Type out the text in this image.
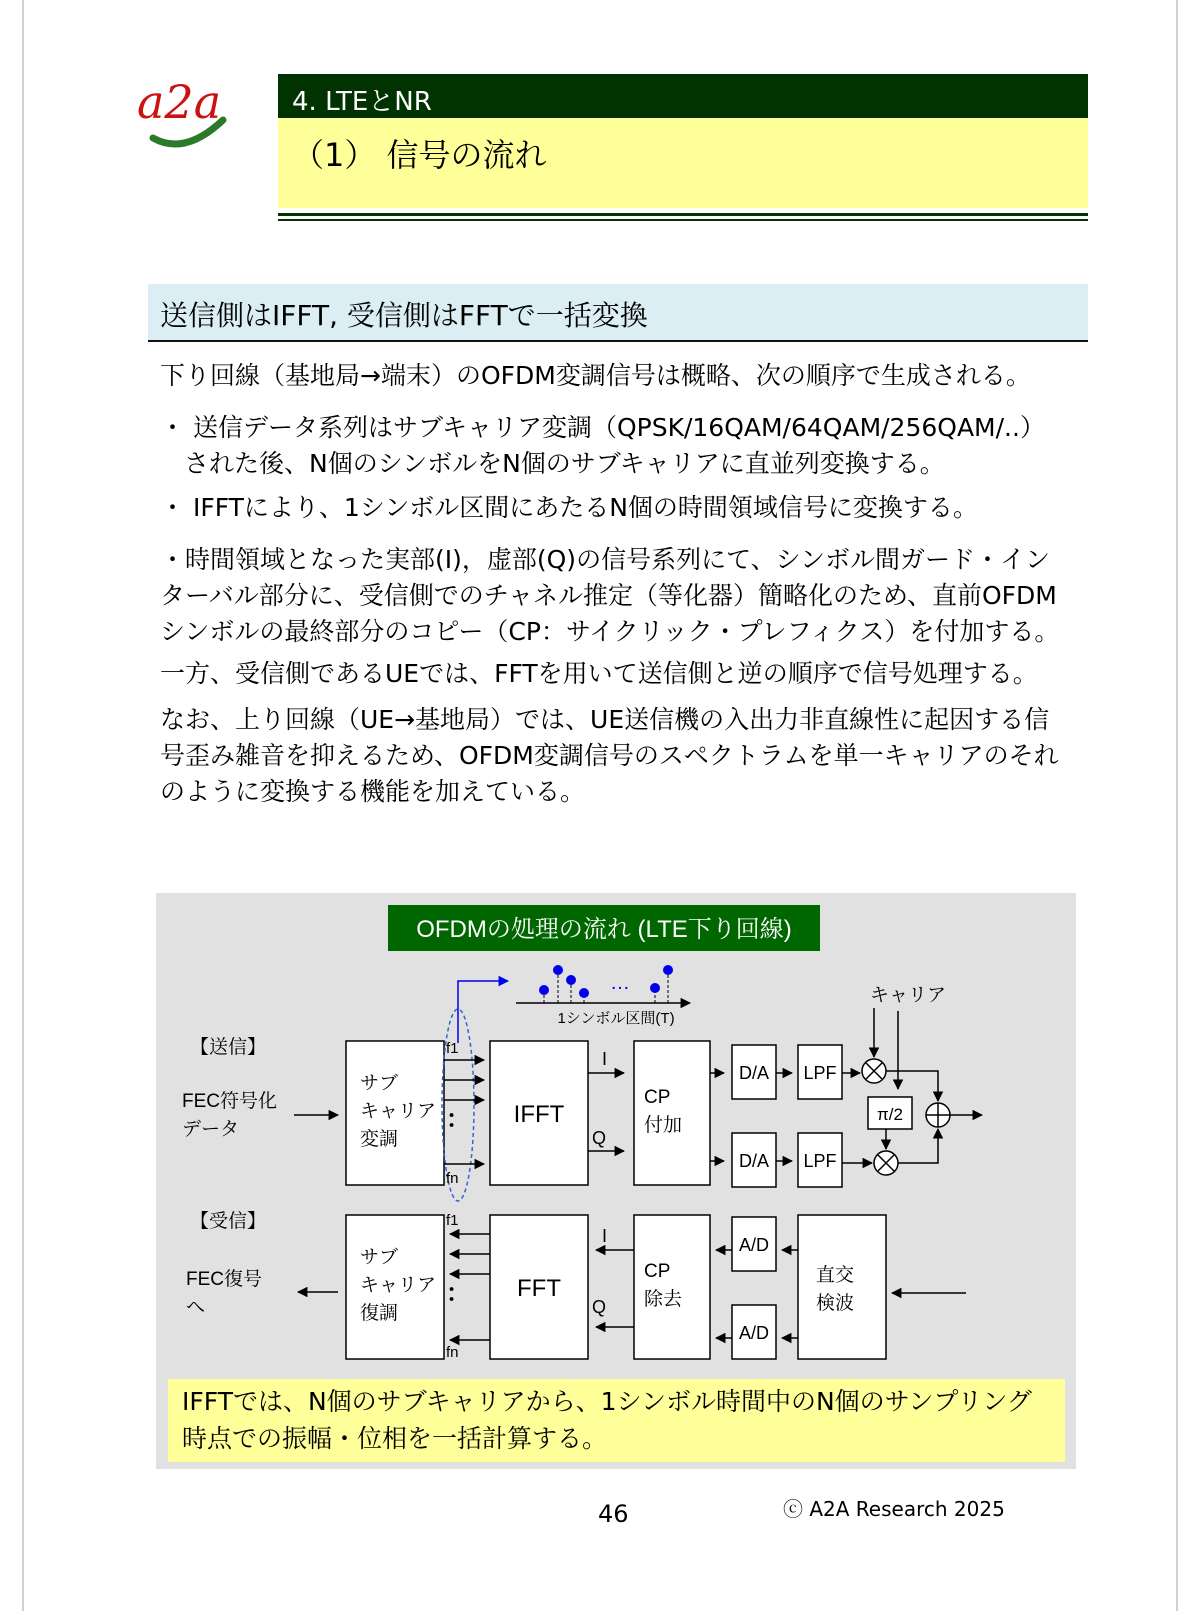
a2a	4. LTEとNR
（1） 信号の流れ
送信側はIFFT, 受信側はFFTで一括変換

下り回線（基地局→端末）のOFDM変調信号は概略、次の順序で生成される。

・ 送信データ系列はサブキャリア変調（QPSK/16QAM/64QAM/256QAM/..）

された後、N個のシンボルをN個のサブキャリアに直並列変換する。

・ IFFTにより、1シンボル区間にあたるN個の時間領域信号に変換する。

・時間領域となった実部(I)，虚部(Q)の信号系列にて、シンボル間ガード・イン
ターバル部分に、受信側でのチャネル推定（等化器）簡略化のため、直前OFDM
シンボルの最終部分のコピー（CP：サイクリック・プレフィクス）を付加する。

一方、受信側であるUEでは、FFTを用いて送信側と逆の順序で信号処理する。

なお、上り回線（UE→基地局）では、UE送信機の入出力非直線性に起因する信
号歪み雑音を抑えるため、OFDM変調信号のスペクトラムを単一キャリアのそれ
のように変換する機能を加えている。

OFDMの処理の流れ (LTE下り回線)
…
1シンボル区間(T)
【送信】
FEC符号化
データ
サブ
キャリア
変調
f1
fn
： IFFT
I
Q
CP
付加
D/A
D/A
LPF
LPF
キャリア
π/2
【受信】
FEC復号
へ
サブ
キャリア
復調
f1
fn
： FFT
I
Q
CP
除去
A/D
A/D
直交
検波

IFFTでは、N個のサブキャリアから、1シンボル時間中のN個のサンプリング
時点での振幅・位相を一括計算する。

46	ⓒ A2A Research 2025
